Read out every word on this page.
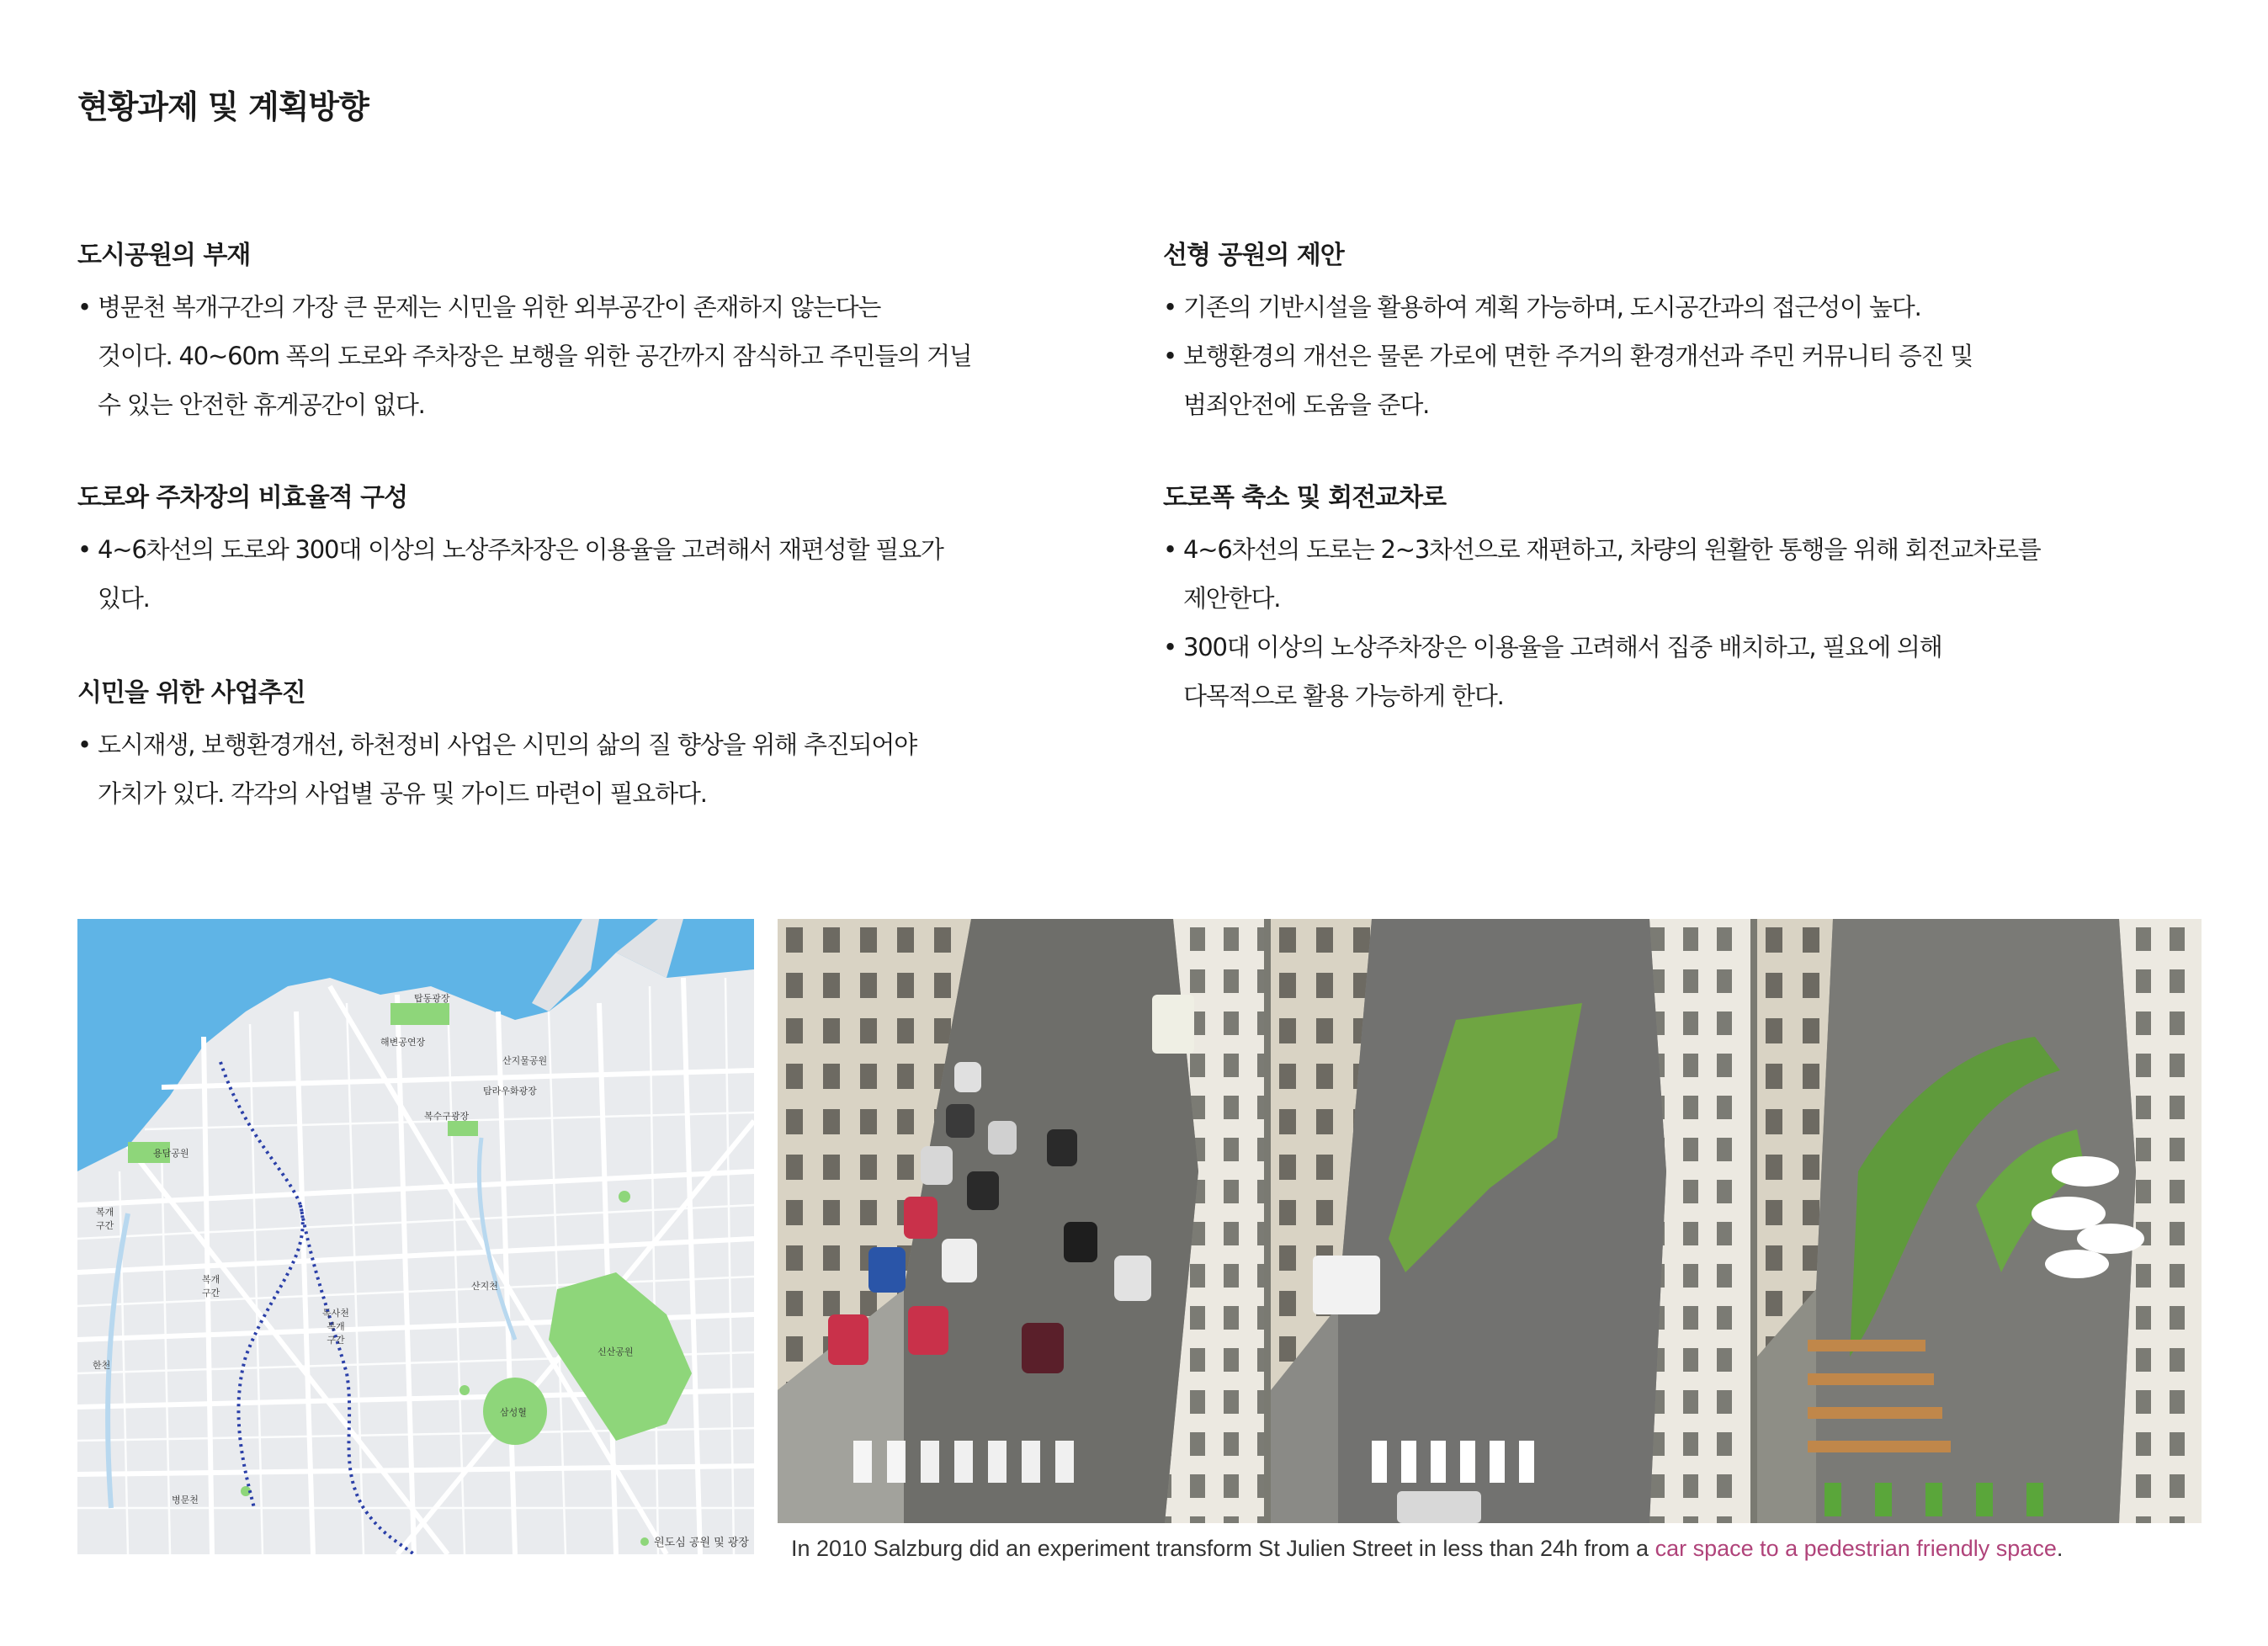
현황과제 및 계획방향
도시공원의 부재
• 병문천 복개구간의 가장 큰 문제는 시민을 위한 외부공간이 존재하지 않는다는
것이다. 40~60m 폭의 도로와 주차장은 보행을 위한 공간까지 잠식하고 주민들의 거닐
수 있는 안전한 휴게공간이 없다.
도로와 주차장의 비효율적 구성
• 4~6차선의 도로와 300대 이상의 노상주차장은 이용율을 고려해서 재편성할 필요가
있다.
시민을 위한 사업추진
• 도시재생, 보행환경개선, 하천정비 사업은 시민의 삶의 질 향상을 위해 추진되어야
가치가 있다. 각각의 사업별 공유 및 가이드 마련이 필요하다.
선형 공원의 제안
• 기존의 기반시설을 활용하여 계획 가능하며, 도시공간과의 접근성이 높다.
• 보행환경의 개선은 물론 가로에 면한 주거의 환경개선과 주민 커뮤니티 증진 및
범죄안전에 도움을 준다.
도로폭 축소 및 회전교차로
• 4~6차선의 도로는 2~3차선으로 재편하고, 차량의 원활한 통행을 위해 회전교차로를
제안한다.
• 300대 이상의 노상주차장은 이용율을 고려해서 집중 배치하고, 필요에 의해
다목적으로 활용 가능하게 한다.
탑동광장
해변공연장
산지물공원
탐라우화광장
복수구광장
용담공원
복개구간
한천
복개구간
독사천 복개 구간
산지천
신산공원
삼성혈
병문천
원도심 공원 및 광장 In 2010 Salzburg did an experiment transform St Julien Street in less than 24h from a car space to a pedestrian friendly space.
